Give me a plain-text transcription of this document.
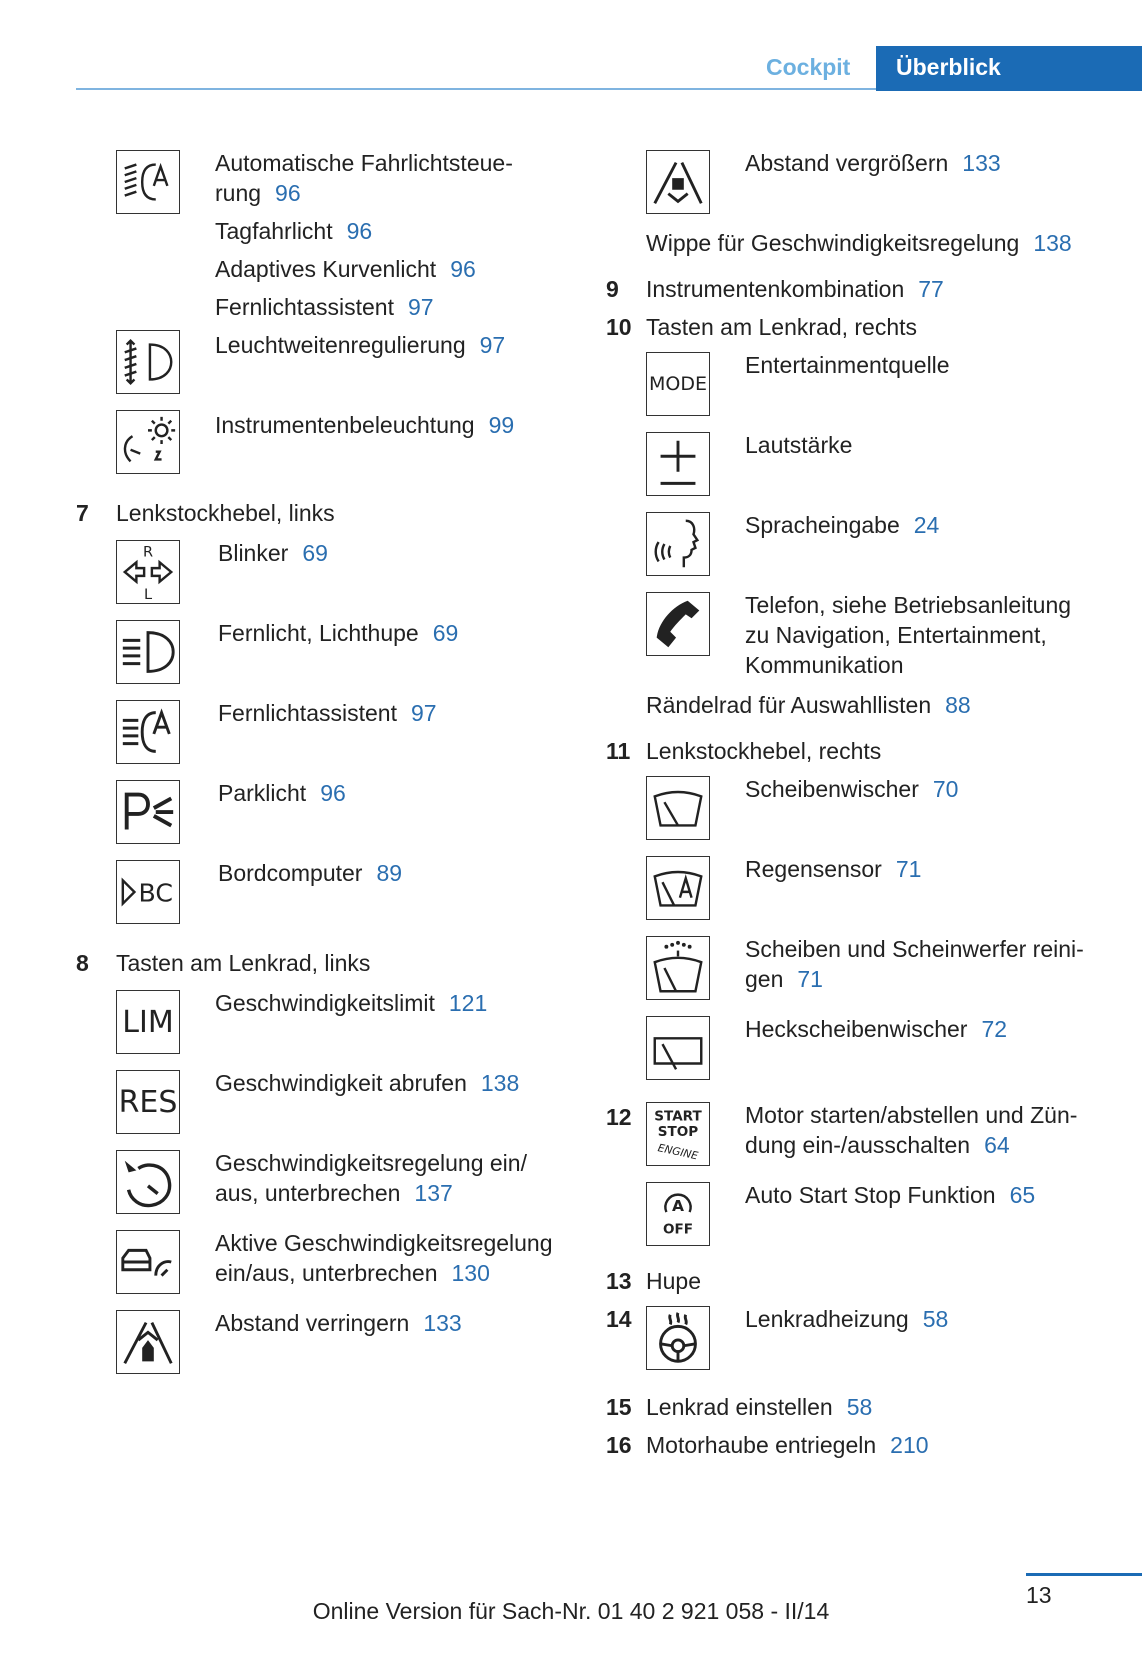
Cockpit Überblick
Automatische Fahrlichtsteue-
rung 96
Tagfahrlicht 96
Adaptives Kurvenlicht 96
Fernlichtassistent 97
Leuchtweitenregulierung 97
Instrumentenbeleuchtung 99
7 Lenkstockhebel, links
R
L
Blinker 69
Fernlicht, Lichthupe 69
Fernlichtassistent 97
Parklicht 96
BC
Bordcomputer 89
8 Tasten am Lenkrad, links
LIM
Geschwindigkeitslimit 121
RES
Geschwindigkeit abrufen 138
Geschwindigkeitsregelung ein/
aus, unterbrechen 137
Aktive Geschwindigkeitsregelung
ein/aus, unterbrechen 130
Abstand verringern 133
Abstand vergrößern 133
Wippe für Geschwindigkeitsregelung 138
9 Instrumentenkombination 77
10 Tasten am Lenkrad, rechts
MODE
Entertainmentquelle
Lautstärke
Spracheingabe 24
Telefon, siehe Betriebsanleitung
zu Navigation, Entertainment,
Kommunikation
Rändelrad für Auswahllisten 88
11 Lenkstockhebel, rechts
Scheibenwischer 70
Regensensor 71
Scheiben und Scheinwerfer reini-
gen 71
Heckscheibenwischer 72
12 START
STOP
ENGINE
Motor starten/abstellen und Zün-
dung ein-/ausschalten 64
A
OFF
Auto Start Stop Funktion 65
13 Hupe
14	Lenkradheizung 58
15 Lenkrad einstellen 58
16 Motorhaube entriegeln 210
13
Online Version für Sach-Nr. 01 40 2 921 058 - II/14
